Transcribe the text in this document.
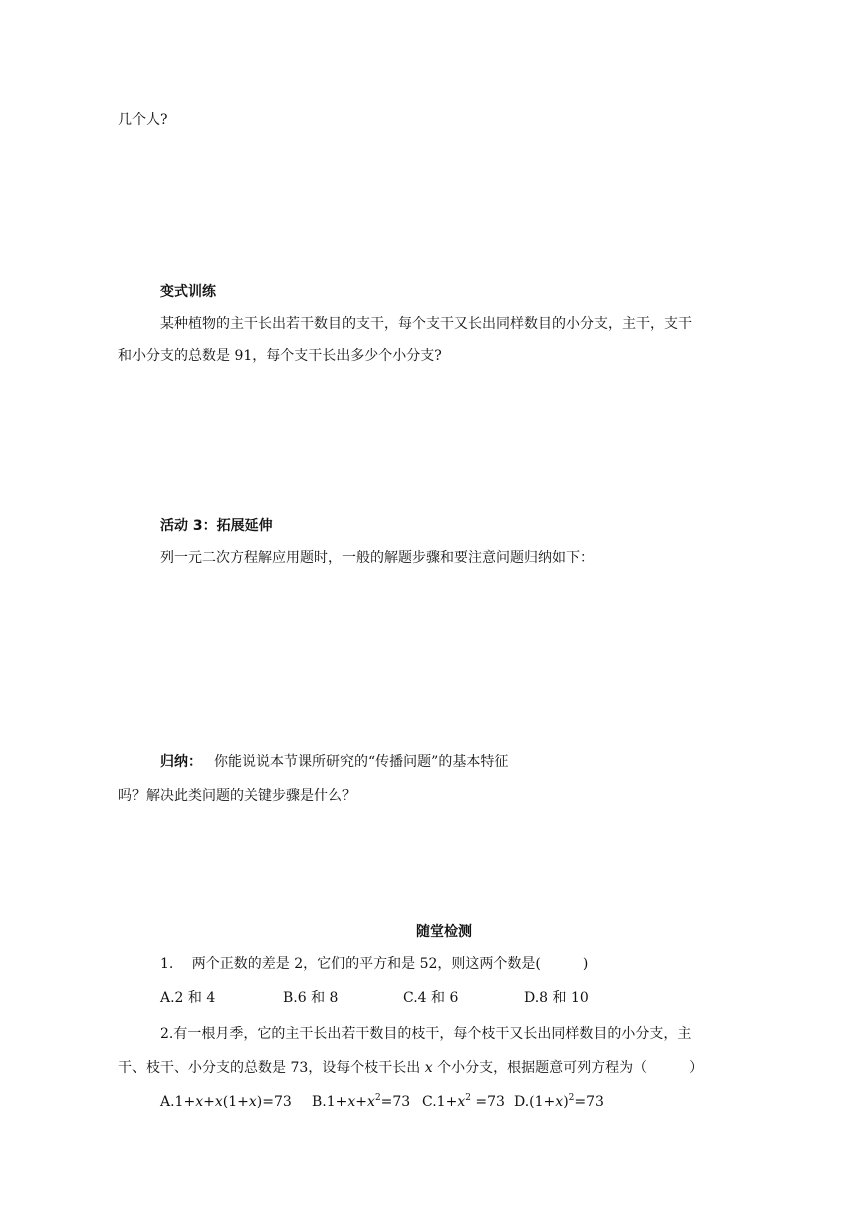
几个人?
变式训练
某种植物的主干长出若干数目的支干，每个支干又长出同样数目的小分支，主干，支干
和小分支的总数是 91，每个支干长出多少个小分支?
活动 3：拓展延伸
列一元二次方程解应用题时，一般的解题步骤和要注意问题归纳如下：
归纳： 你能说说本节课所研究的“传播问题”的基本特征
吗？解决此类问题的关键步骤是什么？
随堂检测
1.　 两个正数的差是 2，它们的平方和是 52，则这两个数是(　　　)
A.2 和 4	B.6 和 8	C.4 和 6	D.8 和 10
2.有一根月季，它的主干长出若干数目的枝干，每个枝干又长出同样数目的小分支，主
干、枝干、小分支的总数是 73，设每个枝干长出 x 个小分支，根据题意可列方程为（　　　）
A.1+x+x(1+x)=73 $B.1+x+x^2=73$ $C.1+x^2 =73$ $D.(1+x)^2=73$
